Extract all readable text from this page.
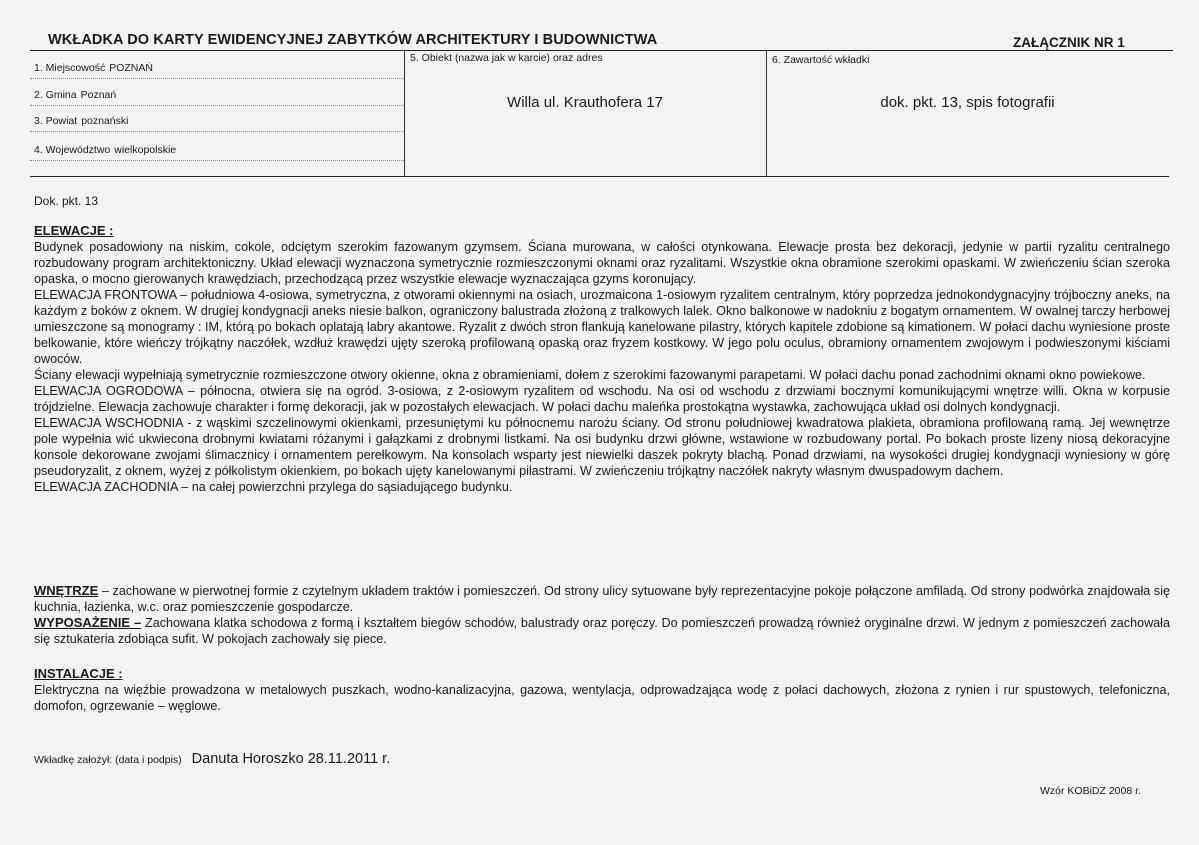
WKŁADKA DO KARTY EWIDENCYJNEJ ZABYTKÓW ARCHITEKTURY I BUDOWNICTWA	ZAŁĄCZNIK NR 1
1. Miejscowość POZNAŃ
2. Gmina Poznań
3. Powiat poznański
4. Województwo wielkopolskie
5. Obiekt (nazwa jak w karcie) oraz adres
Willa ul. Krauthofera 17
6. Zawartość wkładki
dok. pkt. 13, spis fotografii
Dok. pkt. 13
ELEWACJE :

Budynek posadowiony na niskim, cokole, odciętym szerokim fazowanym gzymsem. Ściana murowana, w całości otynkowana. Elewacje prosta bez dekoracji, jedynie w partii ryzalitu centralnego rozbudowany program architektoniczny. Układ elewacji wyznaczona symetrycznie rozmieszczonymi oknami oraz ryzalitami. Wszystkie okna obramione szerokimi opaskami. W zwieńczeniu ścian szeroka opaska, o mocno gierowanych krawędziach, przechodzącą przez wszystkie elewacje wyznaczająca gzyms koronujący.

ELEWACJA FRONTOWA – południowa 4-osiowa, symetryczna, z otworami okiennymi na osiach, urozmaicona 1-osiowym ryzalitem centralnym, który poprzedza jednokondygnacyjny trójboczny aneks, na każdym z boków z oknem. W drugiej kondygnacji aneks niesie balkon, ograniczony balustrada złożoną z tralkowych lalek. Okno balkonowe w nadokniu z bogatym ornamentem. W owalnej tarczy herbowej umieszczone są monogramy : IM, którą po bokach oplatają labry akantowe. Ryzalit z dwóch stron flankują kanelowane pilastry, których kapitele zdobione są kimationem. W połaci dachu wyniesione proste belkowanie, które wieńczy trójkątny naczółek, wzdłuż krawędzi ujęty szeroką profilowaną opaską oraz fryzem kostkowy. W jego polu oculus, obramiony ornamentem zwojowym i podwieszonymi kiściami owoców.

Ściany elewacji wypełniają symetrycznie rozmieszczone otwory okienne, okna z obramieniami, dołem z szerokimi fazowanymi parapetami. W połaci dachu ponad zachodnimi oknami okno powiekowe.

ELEWACJA OGRODOWA – północna, otwiera się na ogród. 3-osiowa, z 2-osiowym ryzalitem od wschodu. Na osi od wschodu z drzwiami bocznymi komunikującymi wnętrze willi. Okna w korpusie trójdzielne. Elewacja zachowuje charakter i formę dekoracji, jak w pozostałych elewacjach. W połaci dachu maleńka prostokątna wystawka, zachowująca układ osi dolnych kondygnacji.

ELEWACJA WSCHODNIA - z wąskimi szczelinowymi okienkami, przesuniętymi ku północnemu narożu ściany. Od stronu południowej kwadratowa plakieta, obramiona profilowaną ramą. Jej wewnętrze pole wypełnia wić ukwiecona drobnymi kwiatami różanymi i gałązkami z drobnymi listkami. Na osi budynku drzwi główne, wstawione w rozbudowany portal. Po bokach proste lizeny niosą dekoracyjne konsole dekorowane zwojami ślimacznicy i ornamentem perełkowym. Na konsolach wsparty jest niewielki daszek pokryty blachą. Ponad drzwiami, na wysokości drugiej kondygnacji wyniesiony w górę pseudoryzalit, z oknem, wyżej z półkolistym okienkiem, po bokach ujęty kanelowanymi pilastrami. W zwieńczeniu trójkątny naczółek nakryty własnym dwuspadowym dachem.

ELEWACJA ZACHODNIA – na całej powierzchni przylega do sąsiadującego budynku.

WNĘTRZE – zachowane w pierwotnej formie z czytelnym układem traktów i pomieszczeń. Od strony ulicy sytuowane były reprezentacyjne pokoje połączone amfiladą. Od strony podwórka znajdowała się kuchnia, łazienka, w.c. oraz pomieszczenie gospodarcze.

WYPOSAŻENIE – Zachowana klatka schodowa z formą i kształtem biegów schodów, balustrady oraz poręczy. Do pomieszczeń prowadzą również oryginalne drzwi. W jednym z pomieszczeń zachowała się sztukateria zdobiąca sufit. W pokojach zachowały się piece.

INSTALACJE :

Elektryczna na więźbie prowadzona w metalowych puszkach, wodno-kanalizacyjna, gazowa, wentylacja, odprowadzająca wodę z połaci dachowych, złożona z rynien i rur spustowych, telefoniczna, domofon, ogrzewanie – węglowe.

Wkładkę założył: (data i podpis) Danuta Horoszko 28.11.2011 r.
Wzór KOBiDZ 2008 r.
